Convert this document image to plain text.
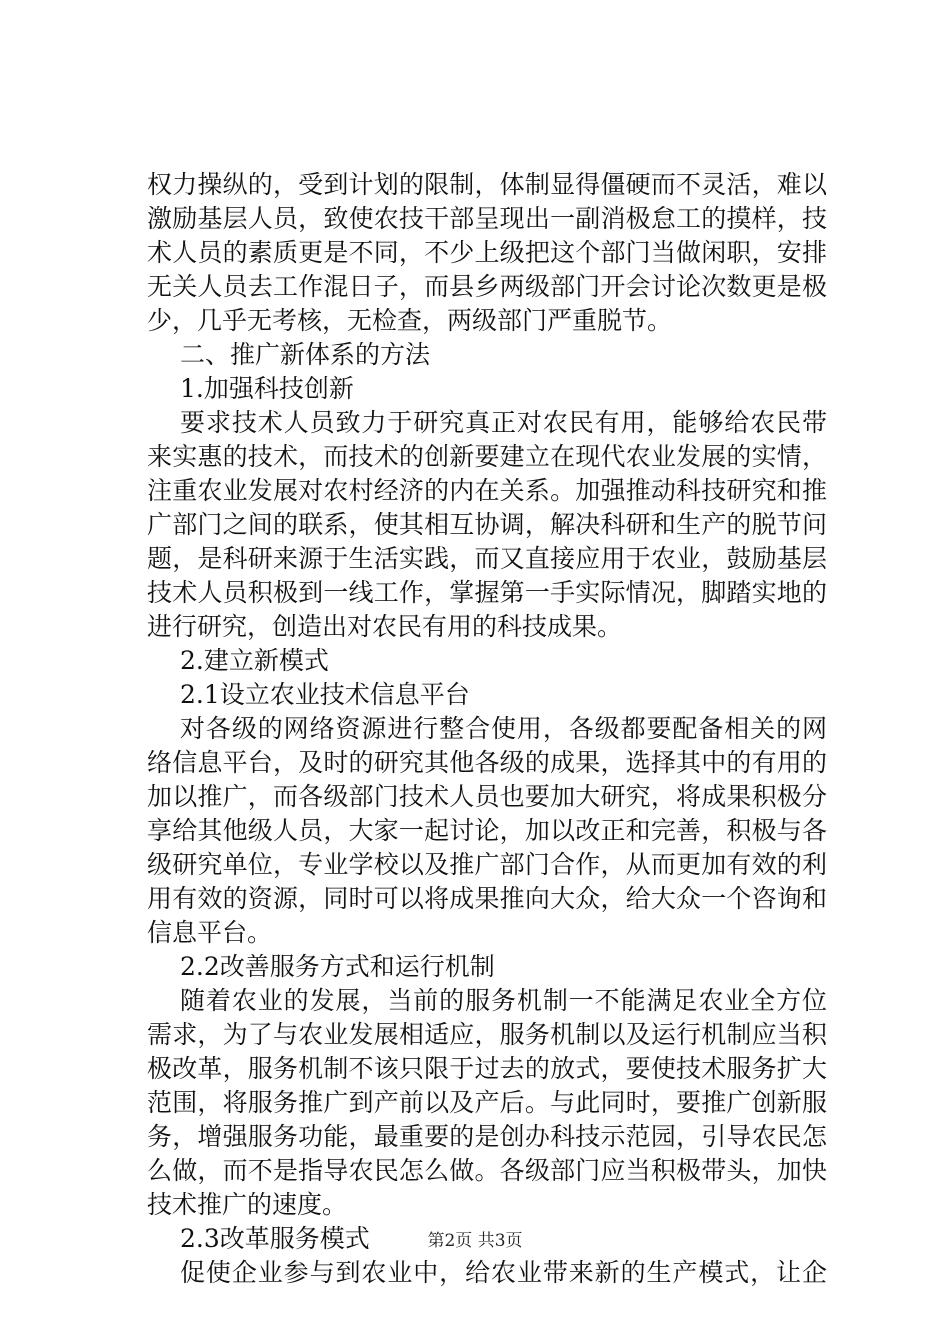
权力操纵的，受到计划的限制，体制显得僵硬而不灵活，难以
激励基层人员，致使农技干部呈现出一副消极怠工的摸样，技
术人员的素质更是不同，不少上级把这个部门当做闲职，安排
无关人员去工作混日子，而县乡两级部门开会讨论次数更是极
少，几乎无考核，无检查，两级部门严重脱节。
二、推广新体系的方法
1.加强科技创新
要求技术人员致力于研究真正对农民有用，能够给农民带
来实惠的技术，而技术的创新要建立在现代农业发展的实情，
注重农业发展对农村经济的内在关系。加强推动科技研究和推
广部门之间的联系，使其相互协调，解决科研和生产的脱节问
题，是科研来源于生活实践，而又直接应用于农业，鼓励基层
技术人员积极到一线工作，掌握第一手实际情况，脚踏实地的
进行研究，创造出对农民有用的科技成果。
2.建立新模式
2.1设立农业技术信息平台
对各级的网络资源进行整合使用，各级都要配备相关的网
络信息平台，及时的研究其他各级的成果，选择其中的有用的
加以推广，而各级部门技术人员也要加大研究，将成果积极分
享给其他级人员，大家一起讨论，加以改正和完善，积极与各
级研究单位，专业学校以及推广部门合作，从而更加有效的利
用有效的资源，同时可以将成果推向大众，给大众一个咨询和
信息平台。
2.2改善服务方式和运行机制
随着农业的发展，当前的服务机制一不能满足农业全方位
需求，为了与农业发展相适应，服务机制以及运行机制应当积
极改革，服务机制不该只限于过去的放式，要使技术服务扩大
范围，将服务推广到产前以及产后。与此同时，要推广创新服
务，增强服务功能，最重要的是创办科技示范园，引导农民怎
么做，而不是指导农民怎么做。各级部门应当积极带头，加快
技术推广的速度。
2.3改革服务模式
促使企业参与到农业中，给农业带来新的生产模式，让企
第2页 共3页
